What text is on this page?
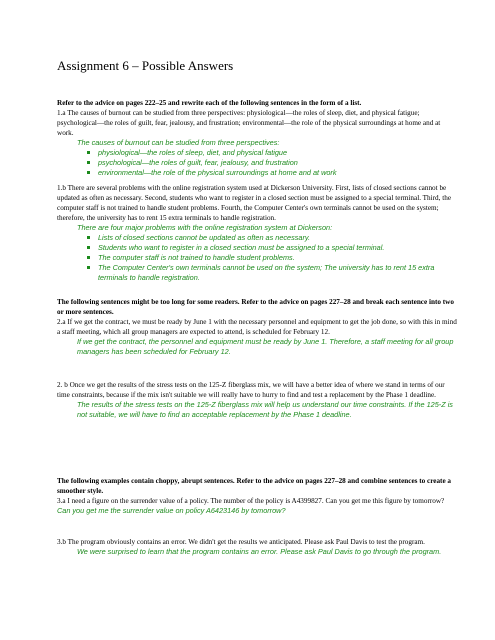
Assignment 6 – Possible Answers

Refer to the advice on pages 222–25 and rewrite each of the following sentences in the form of a list.

1.a The causes of burnout can be studied from three perspectives: physiological—the roles of sleep, diet, and physical fatigue; psychological—the roles of guilt, fear, jealousy, and frustration; environmental—the role of the physical surroundings at home and at work.

The causes of burnout can be studied from three perspectives:

physiological—the roles of sleep, diet, and physical fatigue
psychological—the roles of guilt, fear, jealousy, and frustration
environmental—the role of the physical surroundings at home and at work

1.b There are several problems with the online registration system used at Dickerson University. First, lists of closed sections cannot be updated as often as necessary. Second, students who want to register in a closed section must be assigned to a special terminal. Third, the computer staff is not trained to handle student problems. Fourth, the Computer Center's own terminals cannot be used on the system; therefore, the university has to rent 15 extra terminals to handle registration.

There are four major problems with the online registration system at Dickerson:

Lists of closed sections cannot be updated as often as necessary.
Students who want to register in a closed section must be assigned to a special terminal.
The computer staff is not trained to handle student problems.
The Computer Center's own terminals cannot be used on the system; The university has to rent 15 extra terminals to handle registration.

The following sentences might be too long for some readers. Refer to the advice on pages 227–28 and break each sentence into two or more sentences.

2.a If we get the contract, we must be ready by June 1 with the necessary personnel and equipment to get the job done, so with this in mind a staff meeting, which all group managers are expected to attend, is scheduled for February 12.

If we get the contract, the personnel and equipment must be ready by June 1. Therefore, a staff meeting for all group managers has been scheduled for February 12.

2. b Once we get the results of the stress tests on the 125-Z fiberglass mix, we will have a better idea of where we stand in terms of our time constraints, because if the mix isn't suitable we will really have to hurry to find and test a replacement by the Phase 1 deadline.

The results of the stress tests on the 125-Z fiberglass mix will help us understand our time constraints. If the 125-Z is not suitable, we will have to find an acceptable replacement by the Phase 1 deadline.

The following examples contain choppy, abrupt sentences. Refer to the advice on pages 227–28 and combine sentences to create a smoother style.

3.a I need a figure on the surrender value of a policy. The number of the policy is A4399827. Can you get me this figure by tomorrow?

Can you get me the surrender value on policy A6423146 by tomorrow?

3.b The program obviously contains an error. We didn't get the results we anticipated. Please ask Paul Davis to test the program.

We were surprised to learn that the program contains an error. Please ask Paul Davis to go through the program.
